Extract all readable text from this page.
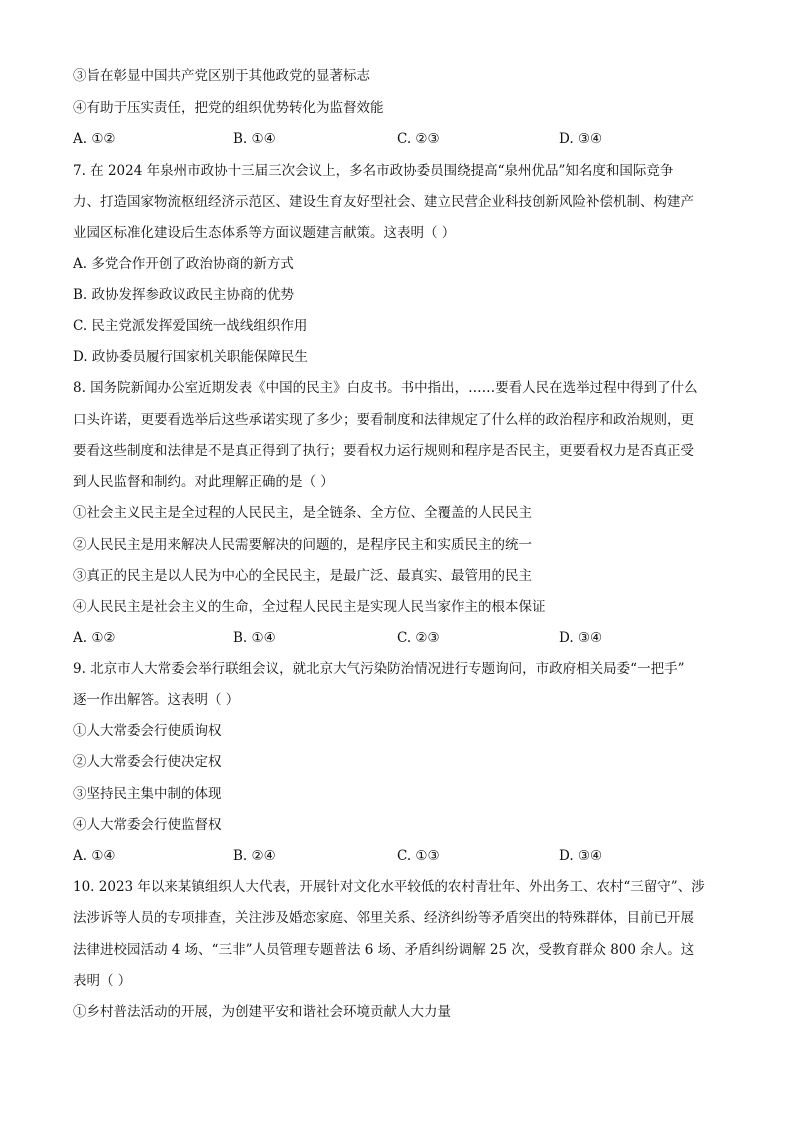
③旨在彰显中国共产党区别于其他政党的显著标志
④有助于压实责任，把党的组织优势转化为监督效能
A. ①②	B. ①④	C. ②③	D. ③④
7. 在 2024 年泉州市政协十三届三次会议上，多名市政协委员围绕提高“泉州优品”知名度和国际竞争
力、打造国家物流枢纽经济示范区、建设生育友好型社会、建立民营企业科技创新风险补偿机制、构建产
业园区标准化建设后生态体系等方面议题建言献策。这表明（ ）
A. 多党合作开创了政治协商的新方式
B. 政协发挥参政议政民主协商的优势
C. 民主党派发挥爱国统一战线组织作用
D. 政协委员履行国家机关职能保障民生
8. 国务院新闻办公室近期发表《中国的民主》白皮书。书中指出，……要看人民在选举过程中得到了什么
口头许诺，更要看选举后这些承诺实现了多少；要看制度和法律规定了什么样的政治程序和政治规则，更
要看这些制度和法律是不是真正得到了执行；要看权力运行规则和程序是否民主，更要看权力是否真正受
到人民监督和制约。对此理解正确的是（ ）
①社会主义民主是全过程的人民民主，是全链条、全方位、全覆盖的人民民主
②人民民主是用来解决人民需要解决的问题的，是程序民主和实质民主的统一
③真正的民主是以人民为中心的全民民主，是最广泛、最真实、最管用的民主
④人民民主是社会主义的生命，全过程人民民主是实现人民当家作主的根本保证
A. ①②	B. ①④	C. ②③	D. ③④
9. 北京市人大常委会举行联组会议，就北京大气污染防治情况进行专题询问，市政府相关局委“一把手”
逐一作出解答。这表明（ ）
①人大常委会行使质询权
②人大常委会行使决定权
③坚持民主集中制的体现
④人大常委会行使监督权
A. ①④	B. ②④	C. ①③	D. ③④
10. 2023 年以来某镇组织人大代表，开展针对文化水平较低的农村青壮年、外出务工、农村“三留守”、涉
法涉诉等人员的专项排查，关注涉及婚恋家庭、邻里关系、经济纠纷等矛盾突出的特殊群体，目前已开展
法律进校园活动 4 场、“三非”人员管理专题普法 6 场、矛盾纠纷调解 25 次，受教育群众 800 余人。这
表明（ ）
①乡村普法活动的开展，为创建平安和谐社会环境贡献人大力量
